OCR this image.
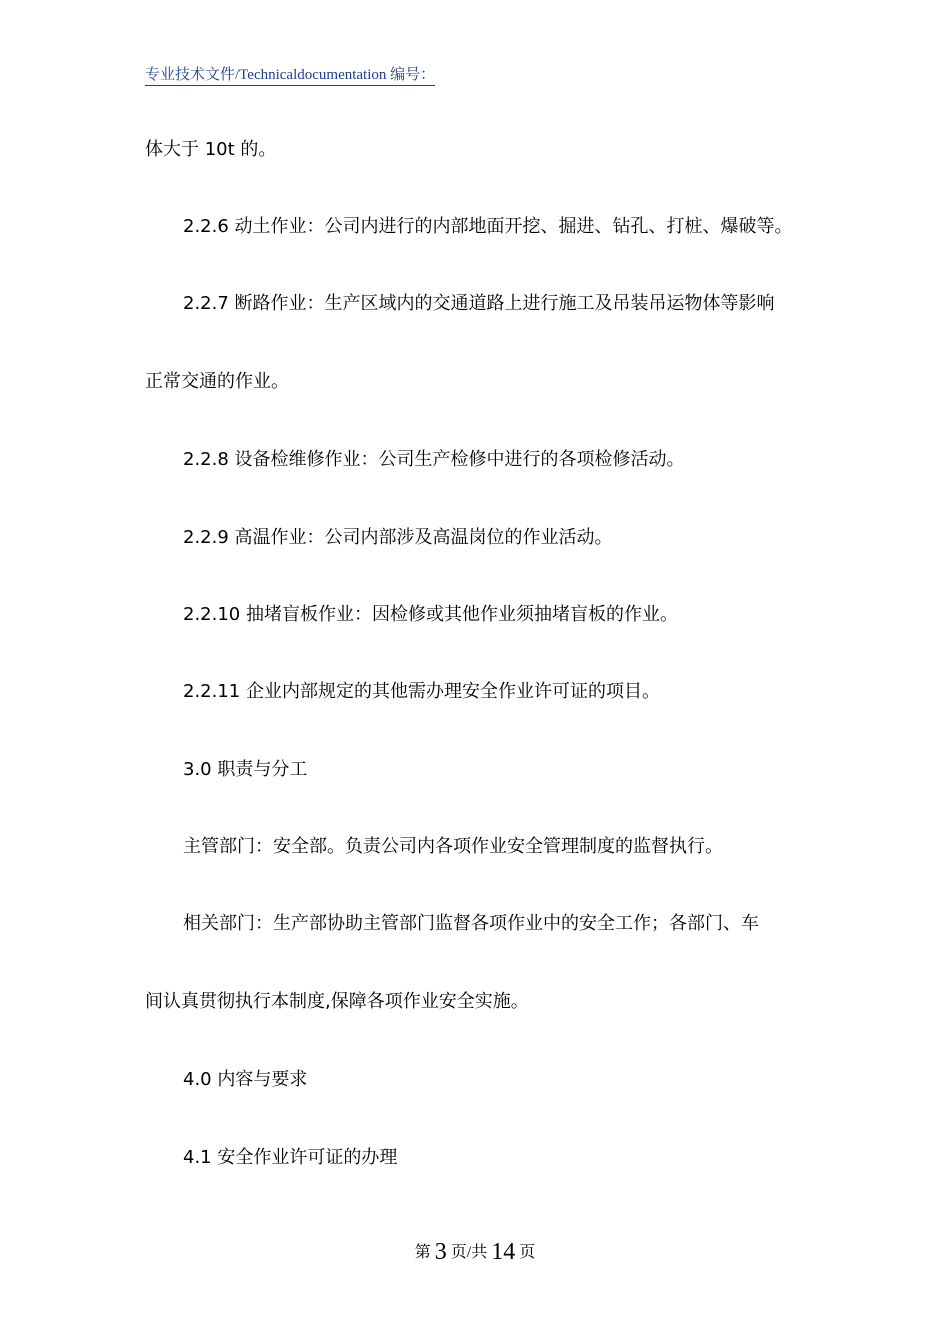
专业技术文件/Technicaldocumentation 编号：
体大于 10t 的。
2.2.6 动土作业：公司内进行的内部地面开挖、掘进、钻孔、打桩、爆破等。
2.2.7 断路作业：生产区域内的交通道路上进行施工及吊装吊运物体等影响
正常交通的作业。
2.2.8 设备检维修作业：公司生产检修中进行的各项检修活动。
2.2.9 高温作业：公司内部涉及高温岗位的作业活动。
2.2.10 抽堵盲板作业：因检修或其他作业须抽堵盲板的作业。
2.2.11 企业内部规定的其他需办理安全作业许可证的项目。
3.0 职责与分工
主管部门：安全部。负责公司内各项作业安全管理制度的监督执行。
相关部门：生产部协助主管部门监督各项作业中的安全工作；各部门、车
间认真贯彻执行本制度,保障各项作业安全实施。
4.0 内容与要求
4.1 安全作业许可证的办理
第 3 页/共 14 页
